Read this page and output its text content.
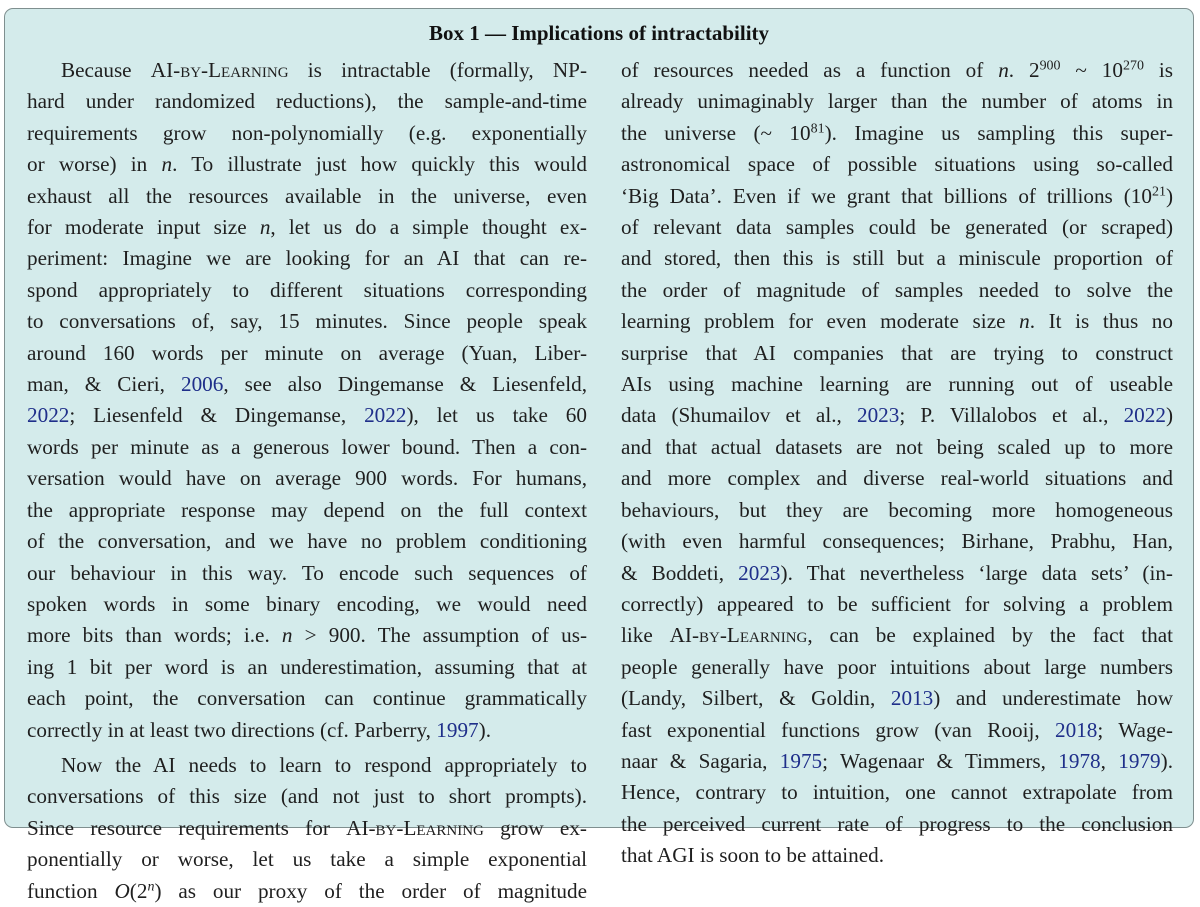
Box 1 — Implications of intractability
Because AI-by-Learning is intractable (formally, NP-
hard under randomized reductions), the sample-and-time
requirements grow non-polynomially (e.g. exponentially
or worse) in n. To illustrate just how quickly this would
exhaust all the resources available in the universe, even
for moderate input size n, let us do a simple thought ex-
periment: Imagine we are looking for an AI that can re-
spond appropriately to different situations corresponding
to conversations of, say, 15 minutes. Since people speak
around 160 words per minute on average (Yuan, Liber-
man, & Cieri, 2006, see also Dingemanse & Liesenfeld,
2022; Liesenfeld & Dingemanse, 2022), let us take 60
words per minute as a generous lower bound. Then a con-
versation would have on average 900 words. For humans,
the appropriate response may depend on the full context
of the conversation, and we have no problem conditioning
our behaviour in this way. To encode such sequences of
spoken words in some binary encoding, we would need
more bits than words; i.e. n > 900. The assumption of us-
ing 1 bit per word is an underestimation, assuming that at
each point, the conversation can continue grammatically
correctly in at least two directions (cf. Parberry, 1997).
Now the AI needs to learn to respond appropriately to
conversations of this size (and not just to short prompts).
Since resource requirements for AI-by-Learning grow ex-
ponentially or worse, let us take a simple exponential
function O(2$^n$) as our proxy of the order of magnitude
of resources needed as a function of n. $2^{900}$ ~ $10^{270}$ is
already unimaginably larger than the number of atoms in
the universe (~ $10^{81}$). Imagine us sampling this super-
astronomical space of possible situations using so-called
‘Big Data’. Even if we grant that billions of trillions $(10^{21})$
of relevant data samples could be generated (or scraped)
and stored, then this is still but a miniscule proportion of
the order of magnitude of samples needed to solve the
learning problem for even moderate size n. It is thus no
surprise that AI companies that are trying to construct
AIs using machine learning are running out of useable
data (Shumailov et al., 2023; P. Villalobos et al., 2022)
and that actual datasets are not being scaled up to more
and more complex and diverse real-world situations and
behaviours, but they are becoming more homogeneous
(with even harmful consequences; Birhane, Prabhu, Han,
& Boddeti, 2023). That nevertheless ‘large data sets’ (in-
correctly) appeared to be sufficient for solving a problem
like AI-by-Learning, can be explained by the fact that
people generally have poor intuitions about large numbers
(Landy, Silbert, & Goldin, 2013) and underestimate how
fast exponential functions grow (van Rooij, 2018; Wage-
naar & Sagaria, 1975; Wagenaar & Timmers, 1978, 1979).
Hence, contrary to intuition, one cannot extrapolate from
the perceived current rate of progress to the conclusion
that AGI is soon to be attained.
